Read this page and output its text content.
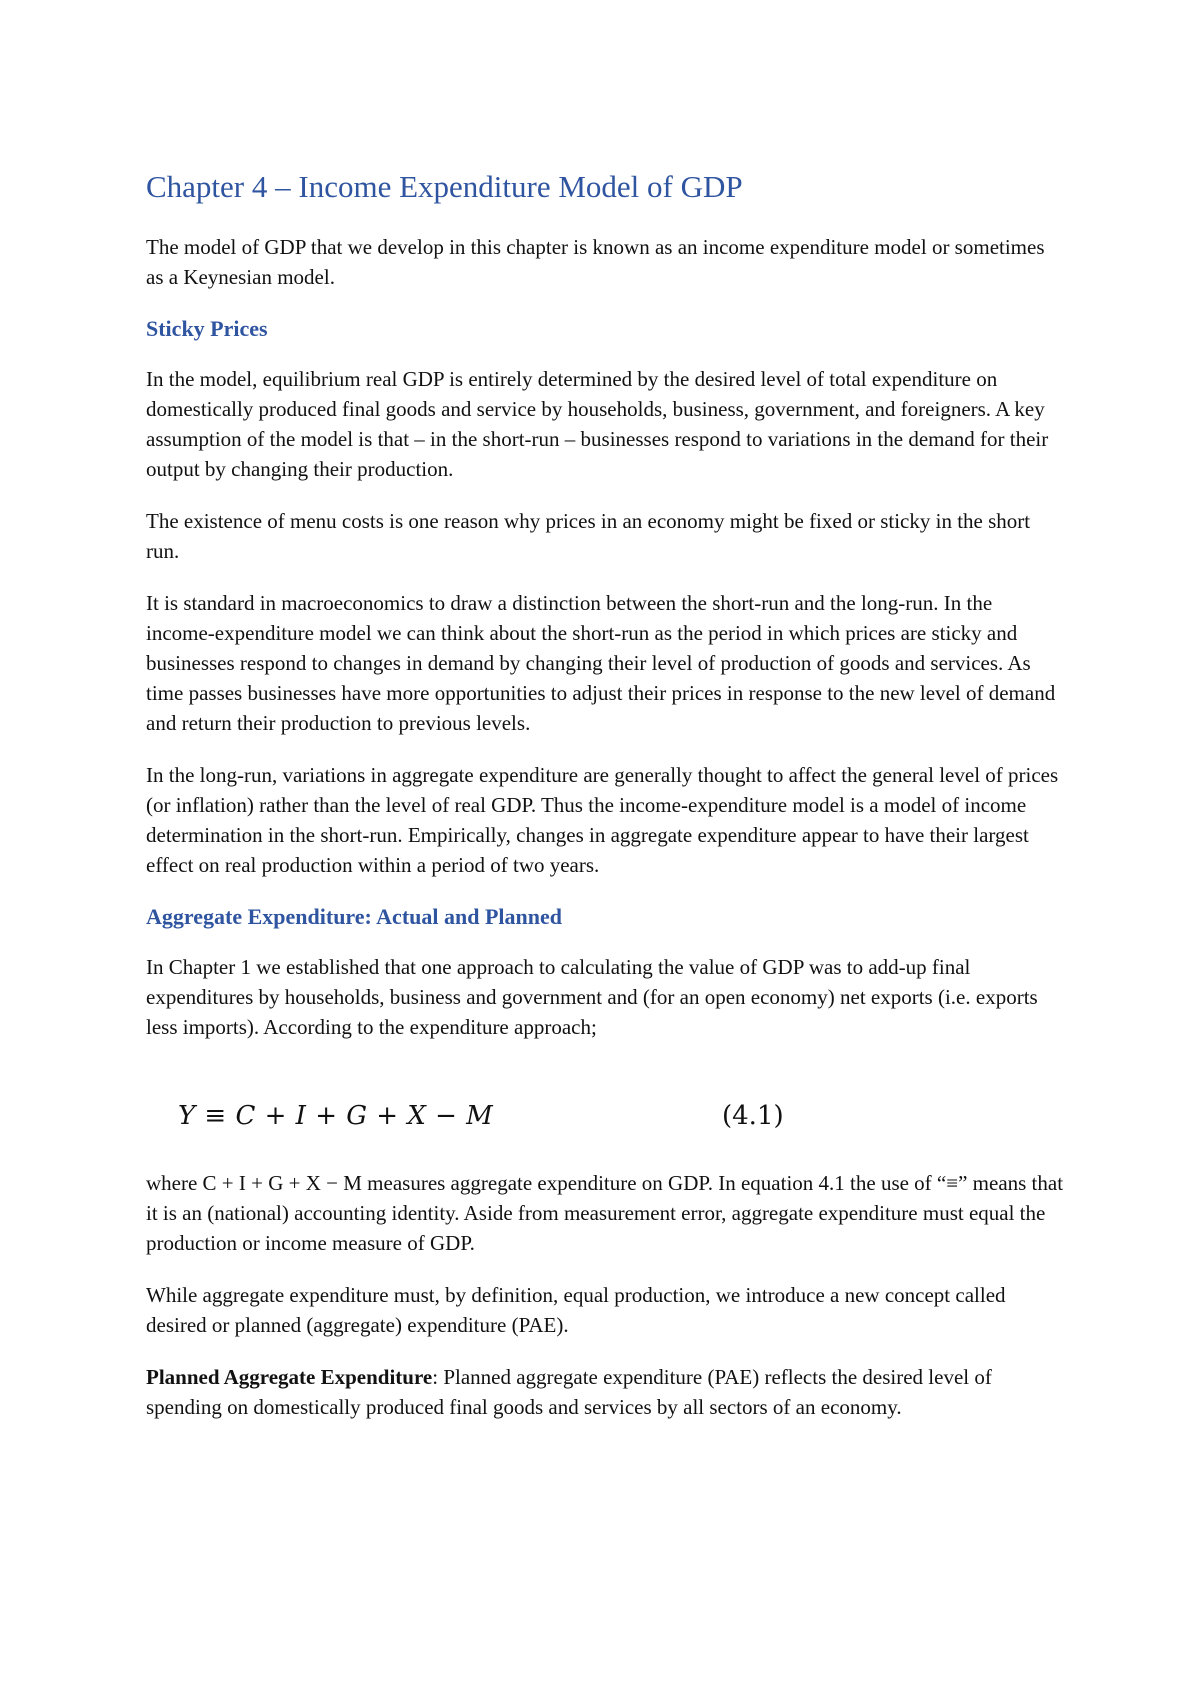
Chapter 4 – Income Expenditure Model of GDP

The model of GDP that we develop in this chapter is known as an income expenditure model or sometimes as a Keynesian model.

Sticky Prices

In the model, equilibrium real GDP is entirely determined by the desired level of total expenditure on domestically produced final goods and service by households, business, government, and foreigners. A key assumption of the model is that – in the short-run – businesses respond to variations in the demand for their output by changing their production.

The existence of menu costs is one reason why prices in an economy might be fixed or sticky in the short run.

It is standard in macroeconomics to draw a distinction between the short-run and the long-run. In the income-expenditure model we can think about the short-run as the period in which prices are sticky and businesses respond to changes in demand by changing their level of production of goods and services. As time passes businesses have more opportunities to adjust their prices in response to the new level of demand and return their production to previous levels.

In the long-run, variations in aggregate expenditure are generally thought to affect the general level of prices (or inflation) rather than the level of real GDP. Thus the income-expenditure model is a model of income determination in the short-run. Empirically, changes in aggregate expenditure appear to have their largest effect on real production within a period of two years.

Aggregate Expenditure: Actual and Planned

In Chapter 1 we established that one approach to calculating the value of GDP was to add-up final expenditures by households, business and government and (for an open economy) net exports (i.e. exports less imports). According to the expenditure approach;

Y ≡ C + I + G + X − M	(4.1)

where C + I + G + X − M measures aggregate expenditure on GDP. In equation 4.1 the use of “≡” means that it is an (national) accounting identity. Aside from measurement error, aggregate expenditure must equal the production or income measure of GDP.

While aggregate expenditure must, by definition, equal production, we introduce a new concept called desired or planned (aggregate) expenditure (PAE).

Planned Aggregate Expenditure: Planned aggregate expenditure (PAE) reflects the desired level of spending on domestically produced final goods and services by all sectors of an economy.
